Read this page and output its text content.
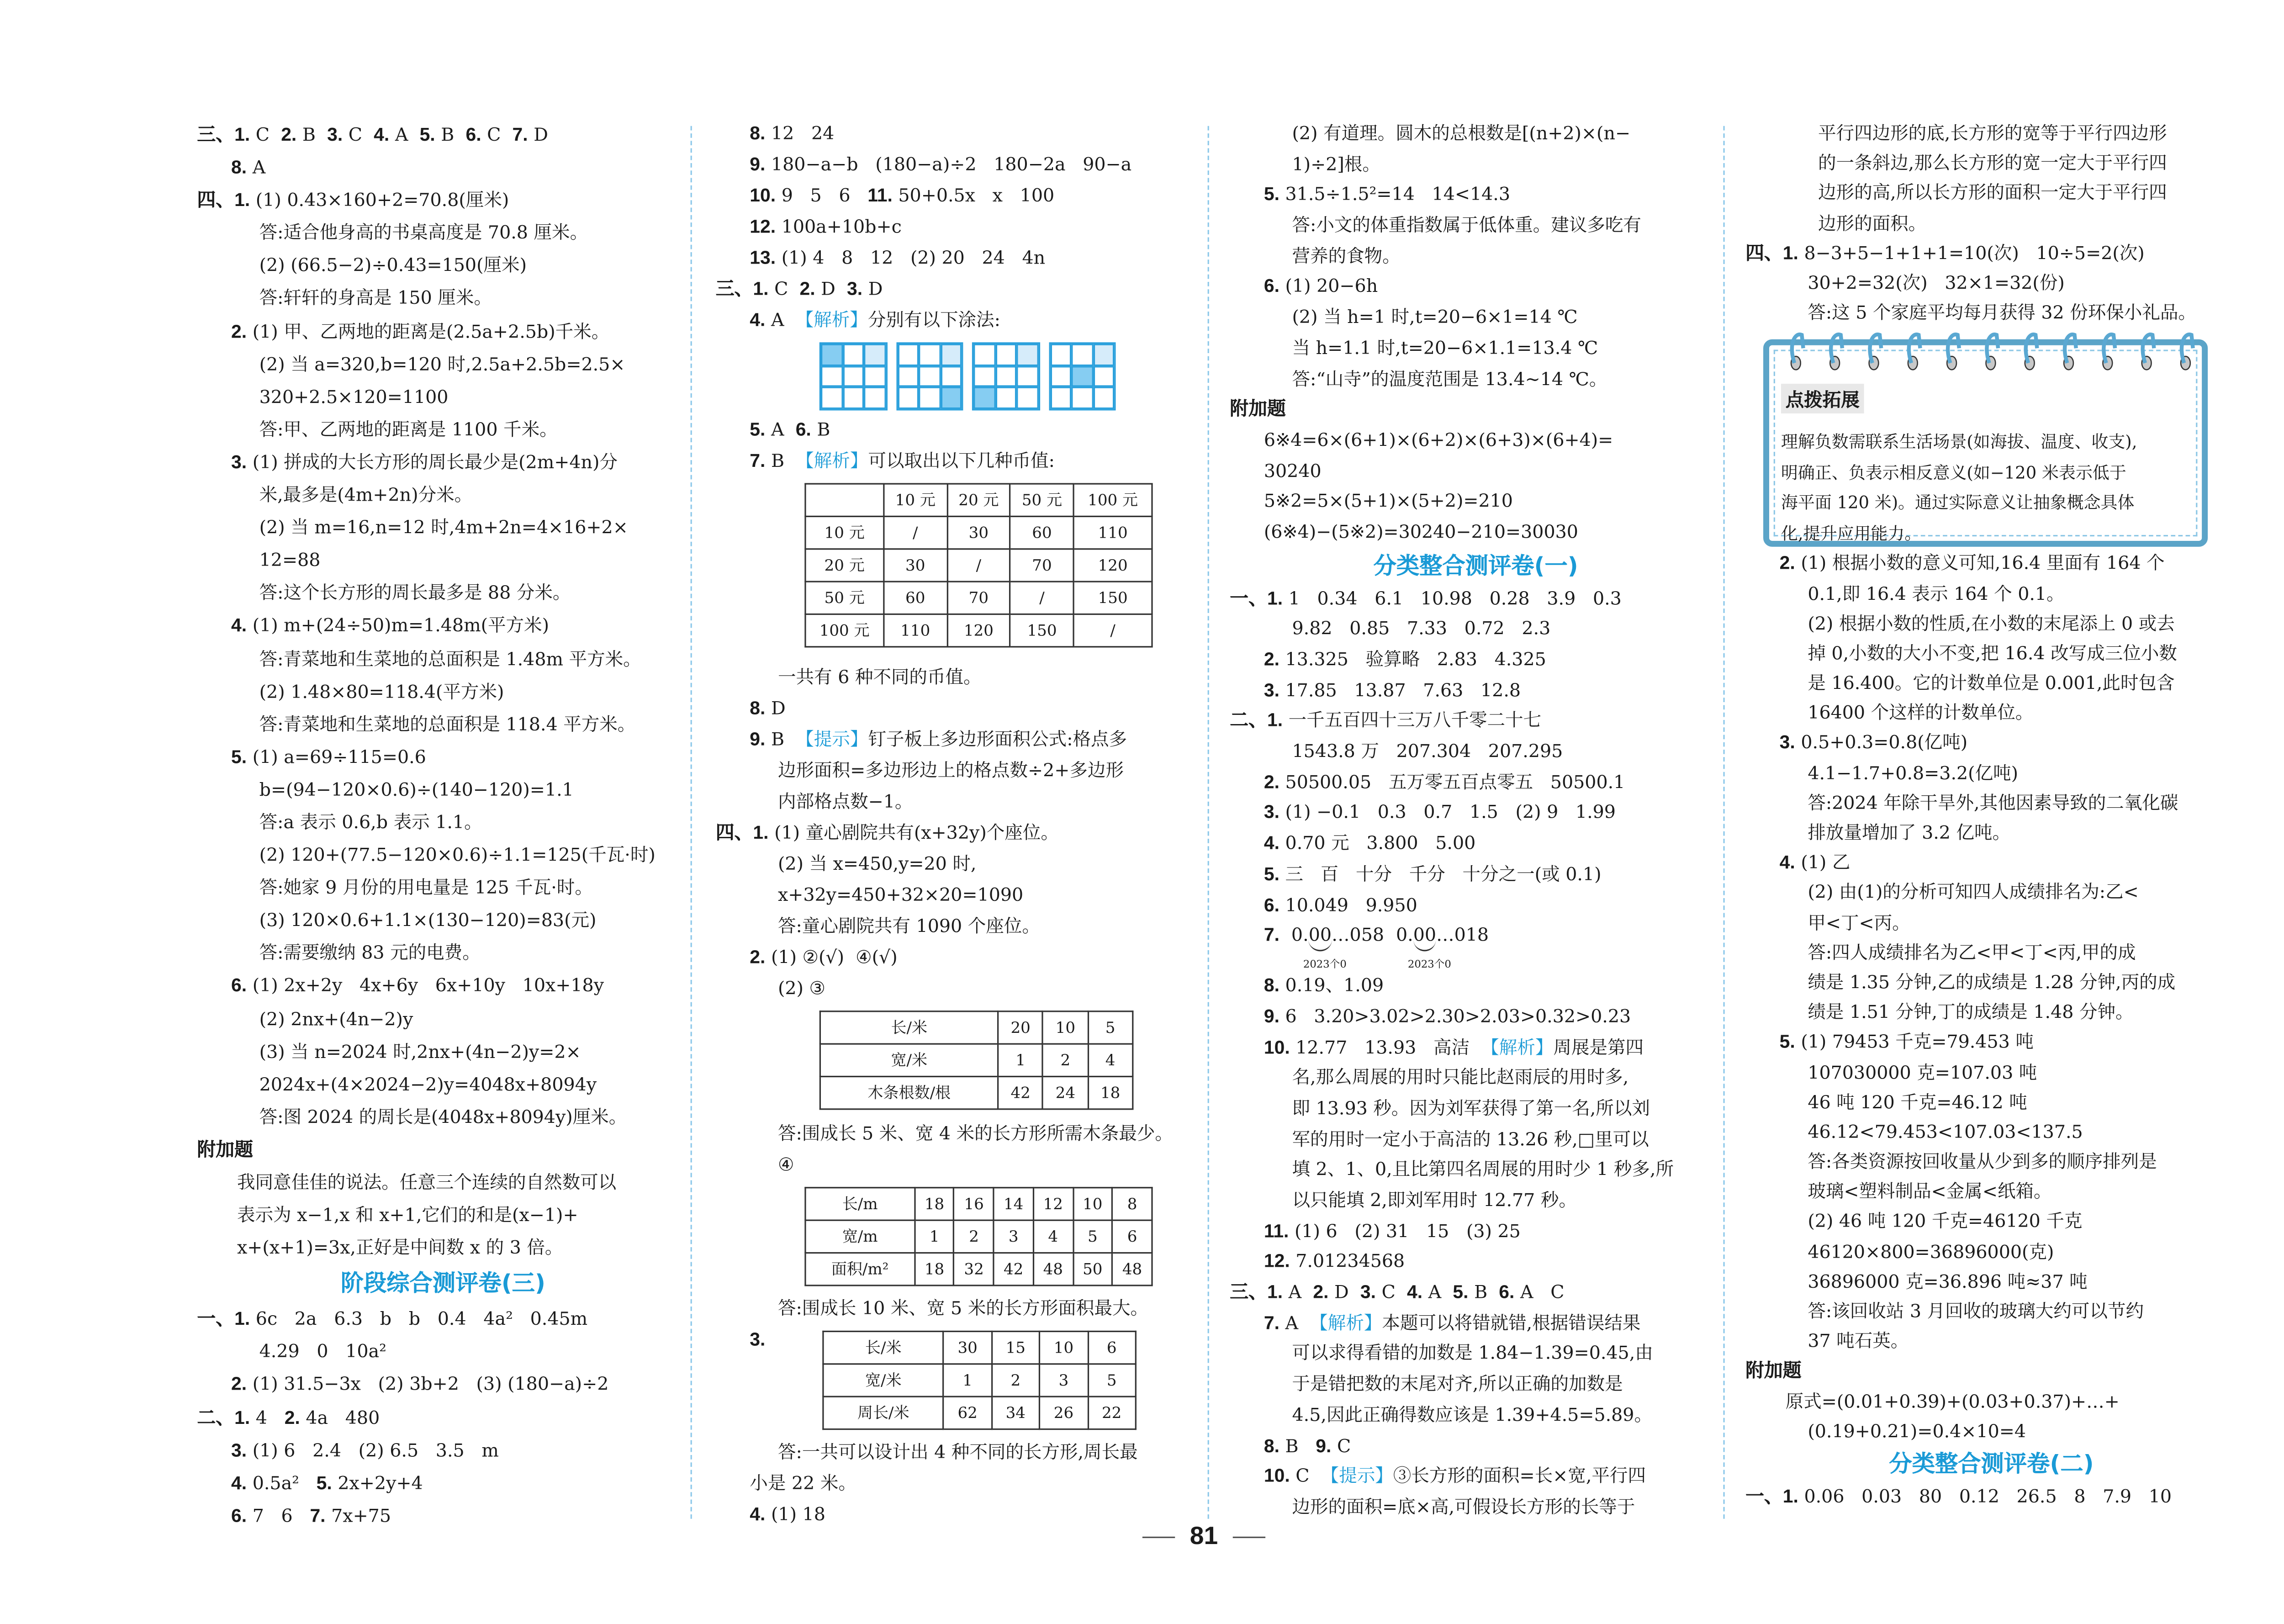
三、1. C  2. B  3. C  4. A  5. B  6. C  7. D
8. A
四、1. (1) 0.43×160+2=70.8(厘米)
答:适合他身高的书桌高度是 70.8 厘米。
(2) (66.5−2)÷0.43=150(厘米)
答:轩轩的身高是 150 厘米。
2. (1) 甲、乙两地的距离是(2.5a+2.5b)千米。
(2) 当 a=320,b=120 时,2.5a+2.5b=2.5×
320+2.5×120=1100
答:甲、乙两地的距离是 1100 千米。
3. (1) 拼成的大长方形的周长最少是(2m+4n)分
米,最多是(4m+2n)分米。
(2) 当 m=16,n=12 时,4m+2n=4×16+2×
12=88
答:这个长方形的周长最多是 88 分米。
4. (1) m+(24÷50)m=1.48m(平方米)
答:青菜地和生菜地的总面积是 1.48m 平方米。
(2) 1.48×80=118.4(平方米)
答:青菜地和生菜地的总面积是 118.4 平方米。
5. (1) a=69÷115=0.6
b=(94−120×0.6)÷(140−120)=1.1
答:a 表示 0.6,b 表示 1.1。
(2) 120+(77.5−120×0.6)÷1.1=125(千瓦·时)
答:她家 9 月份的用电量是 125 千瓦·时。
(3) 120×0.6+1.1×(130−120)=83(元)
答:需要缴纳 83 元的电费。
6. (1) 2x+2y   4x+6y   6x+10y   10x+18y
(2) 2nx+(4n−2)y
(3) 当 n=2024 时,2nx+(4n−2)y=2×
2024x+(4×2024−2)y=4048x+8094y
答:图 2024 的周长是(4048x+8094y)厘米。
附加题
我同意佳佳的说法。任意三个连续的自然数可以
表示为 x−1,x 和 x+1,它们的和是(x−1)+
x+(x+1)=3x,正好是中间数 x 的 3 倍。
阶段综合测评卷(三)
一、1. 6c   2a   6.3   b   b   0.4   4a²   0.45m
4.29   0   10a²
2. (1) 31.5−3x   (2) 3b+2   (3) (180−a)÷2
二、1. 4   2. 4a   480
3. (1) 6   2.4   (2) 6.5   3.5   m
4. 0.5a²   5. 2x+2y+4
6. 7   6   7. 7x+75
8. 12   24
9. 180−a−b   (180−a)÷2   180−2a   90−a
10. 9   5   6   11. 50+0.5x   x   100
12. 100a+10b+c
13. (1) 4   8   12   (2) 20   24   4n
三、1. C  2. D  3. D
4. A  【解析】分别有以下涂法:
5. A  6. B
7. B  【解析】可以取出以下几种币值:
	10 元	20 元	50 元	100 元
10 元	/	30	60	110
20 元	30	/	70	120
50 元	60	70	/	150
100 元	110	120	150	/
一共有 6 种不同的币值。
8. D
9. B  【提示】钉子板上多边形面积公式:格点多
边形面积=多边形边上的格点数÷2+多边形
内部格点数−1。
四、1. (1) 童心剧院共有(x+32y)个座位。
(2) 当 x=450,y=20 时,
x+32y=450+32×20=1090
答:童心剧院共有 1090 个座位。
2. (1) ②(√)  ④(√)
(2) ③
长/米	20	10	5
宽/米	1	2	4
木条根数/根	42	24	18
答:围成长 5 米、宽 4 米的长方形所需木条最少。
④
长/m	18	16	14	12	10	8
宽/m	1	2	3	4	5	6
面积/m²	18	32	42	48	50	48
答:围成长 10 米、宽 5 米的长方形面积最大。
3.	长/米	30	15	10	6
宽/米	1	2	3	5
周长/米	62	34	26	22
答:一共可以设计出 4 种不同的长方形,周长最
小是 22 米。
4. (1) 18
(2) 有道理。圆木的总根数是[(n+2)×(n−
1)÷2]根。
5. 31.5÷1.5²=14   14<14.3
答:小文的体重指数属于低体重。建议多吃有
营养的食物。
6. (1) 20−6h
(2) 当 h=1 时,t=20−6×1=14 ℃
当 h=1.1 时,t=20−6×1.1=13.4 ℃
答:“山寺”的温度范围是 13.4~14 ℃。
附加题
6※4=6×(6+1)×(6+2)×(6+3)×(6+4)=
30240
5※2=5×(5+1)×(5+2)=210
(6※4)−(5※2)=30240−210=30030
分类整合测评卷(一)
一、1. 1   0.34   6.1   10.98   0.28   3.9   0.3
9.82   0.85   7.33   0.72   2.3
2. 13.325   验算略   2.83   4.325
3. 17.85   13.87   7.63   12.8
二、1. 一千五百四十三万八千零二十七
1543.8 万   207.304   207.295
2. 50500.05   五万零五百点零五   50500.1
3. (1) −0.1   0.3   0.7   1.5   (2) 9   1.99
4. 0.70 元   3.800   5.00
5. 三   百   十分   千分   十分之一(或 0.1)
6. 10.049   9.950
7. 0.00…058
2023个0
0.00…018
2023个0
8. 0.19、1.09
9. 6   3.20>3.02>2.30>2.03>0.32>0.23
10. 12.77   13.93   高洁  【解析】周展是第四
名,那么周展的用时只能比赵雨辰的用时多,
即 13.93 秒。因为刘军获得了第一名,所以刘
军的用时一定小于高洁的 13.26 秒,□里可以
填 2、1、0,且比第四名周展的用时少 1 秒多,所
以只能填 2,即刘军用时 12.77 秒。
11. (1) 6   (2) 31   15   (3) 25
12. 7.01234568
三、1. A  2. D  3. C  4. A  5. B  6. A   C
7. A  【解析】本题可以将错就错,根据错误结果
可以求得看错的加数是 1.84−1.39=0.45,由
于是错把数的末尾对齐,所以正确的加数是
4.5,因此正确得数应该是 1.39+4.5=5.89。
8. B   9. C
10. C  【提示】③长方形的面积=长×宽,平行四
边形的面积=底×高,可假设长方形的长等于
平行四边形的底,长方形的宽等于平行四边形
的一条斜边,那么长方形的宽一定大于平行四
边形的高,所以长方形的面积一定大于平行四
边形的面积。
四、1. 8−3+5−1+1+1=10(次)   10÷5=2(次)
30+2=32(次)   32×1=32(份)
答:这 5 个家庭平均每月获得 32 份环保小礼品。
点拨拓展
理解负数需联系生活场景(如海拔、温度、收支),
明确正、负表示相反意义(如−120 米表示低于
海平面 120 米)。通过实际意义让抽象概念具体
化,提升应用能力。
2. (1) 根据小数的意义可知,16.4 里面有 164 个
0.1,即 16.4 表示 164 个 0.1。
(2) 根据小数的性质,在小数的末尾添上 0 或去
掉 0,小数的大小不变,把 16.4 改写成三位小数
是 16.400。它的计数单位是 0.001,此时包含
16400 个这样的计数单位。
3. 0.5+0.3=0.8(亿吨)
4.1−1.7+0.8=3.2(亿吨)
答:2024 年除干旱外,其他因素导致的二氧化碳
排放量增加了 3.2 亿吨。
4. (1) 乙
(2) 由(1)的分析可知四人成绩排名为:乙<
甲<丁<丙。
答:四人成绩排名为乙<甲<丁<丙,甲的成
绩是 1.35 分钟,乙的成绩是 1.28 分钟,丙的成
绩是 1.51 分钟,丁的成绩是 1.48 分钟。
5. (1) 79453 千克=79.453 吨
107030000 克=107.03 吨
46 吨 120 千克=46.12 吨
46.12<79.453<107.03<137.5
答:各类资源按回收量从少到多的顺序排列是
玻璃<塑料制品<金属<纸箱。
(2) 46 吨 120 千克=46120 千克
46120×800=36896000(克)
36896000 克=36.896 吨≈37 吨
答:该回收站 3 月回收的玻璃大约可以节约
37 吨石英。
附加题
原式=(0.01+0.39)+(0.03+0.37)+…+
(0.19+0.21)=0.4×10=4
分类整合测评卷(二)
一、1. 0.06   0.03   80   0.12   26.5   8   7.9   10
81
